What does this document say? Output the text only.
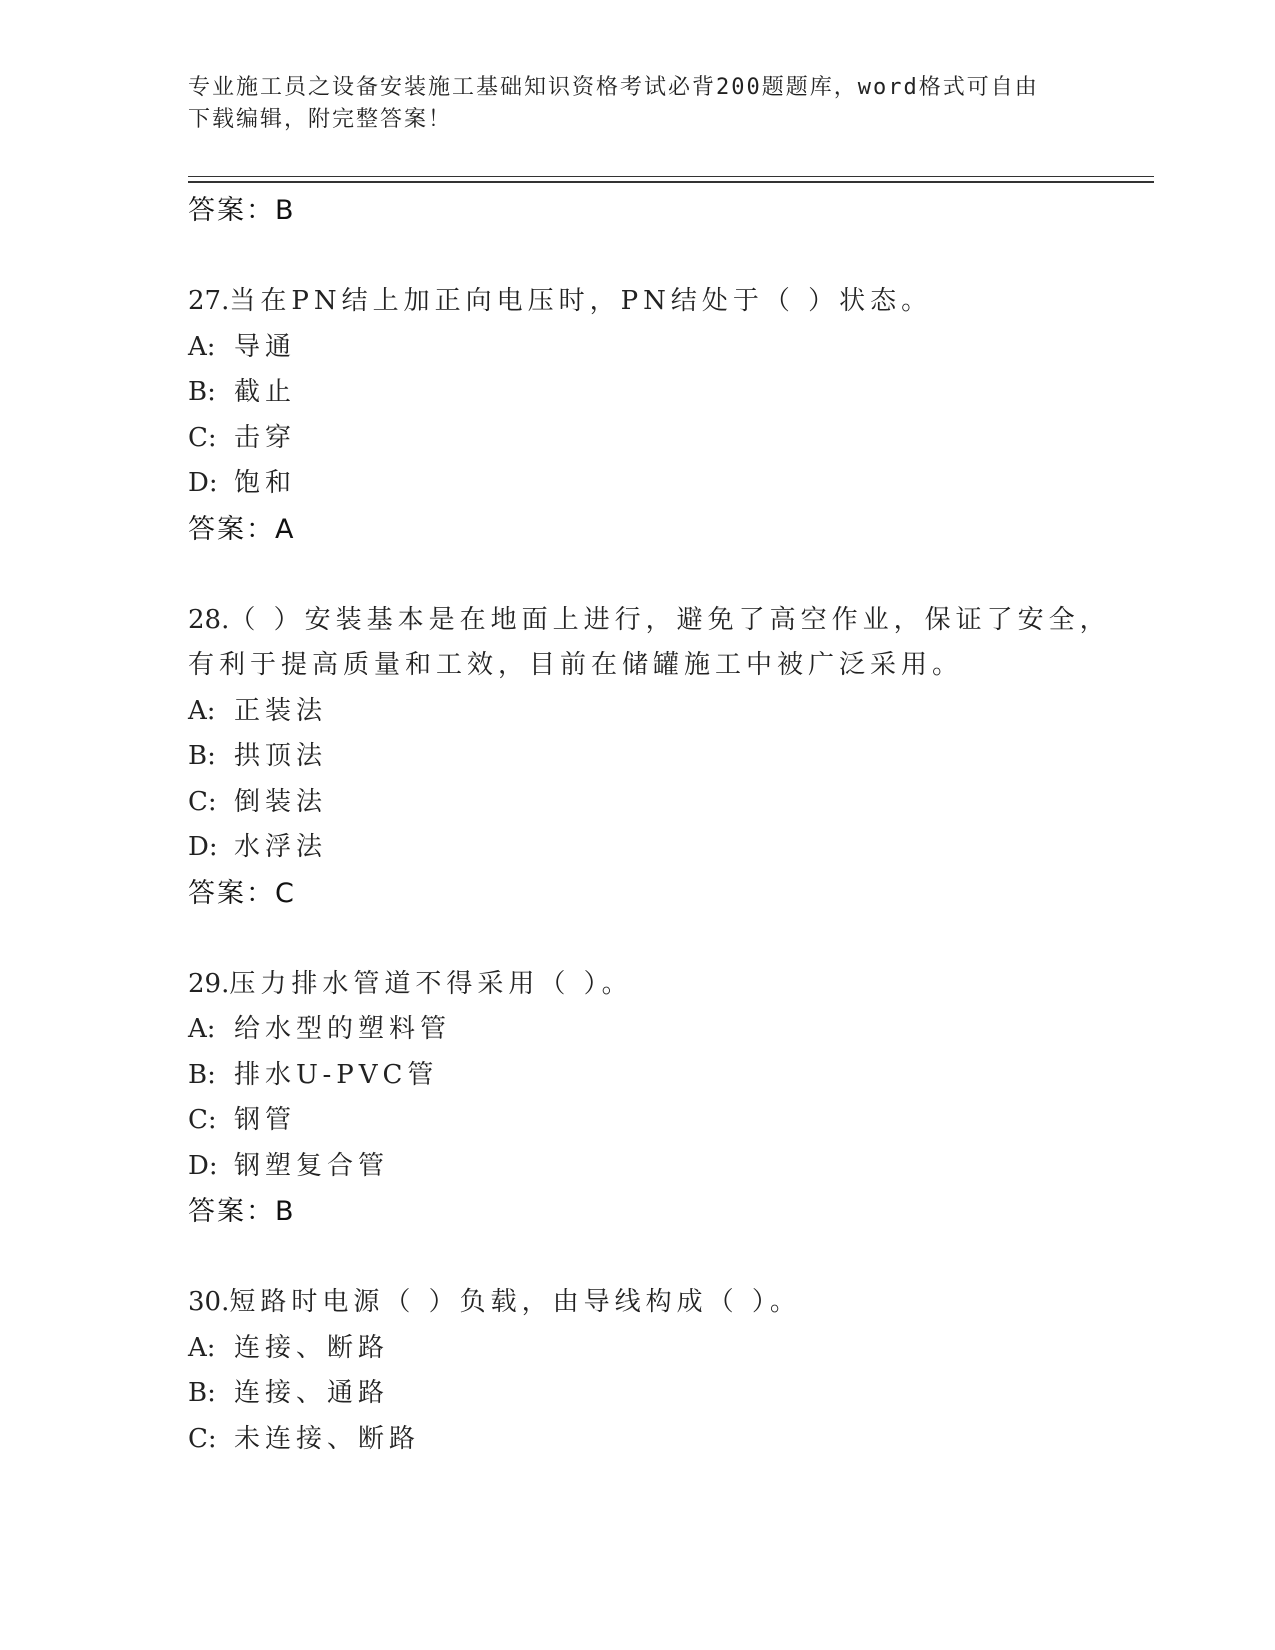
专业施工员之设备安装施工基础知识资格考试必背200题题库，word格式可自由
下载编辑，附完整答案！
答案：B
27.当在PN结上加正向电压时，PN结处于（ ）状态。
A: 导通
B: 截止
C: 击穿
D: 饱和
答案：A
28.（ ）安装基本是在地面上进行，避免了高空作业，保证了安全，
有利于提高质量和工效，目前在储罐施工中被广泛采用。
A: 正装法
B: 拱顶法
C: 倒装法
D: 水浮法
答案：C
29.压力排水管道不得采用（ ）。
A: 给水型的塑料管
B: 排水U-PVC管
C: 钢管
D: 钢塑复合管
答案：B
30.短路时电源（ ）负载，由导线构成（ ）。
A: 连接、断路
B: 连接、通路
C: 未连接、断路
